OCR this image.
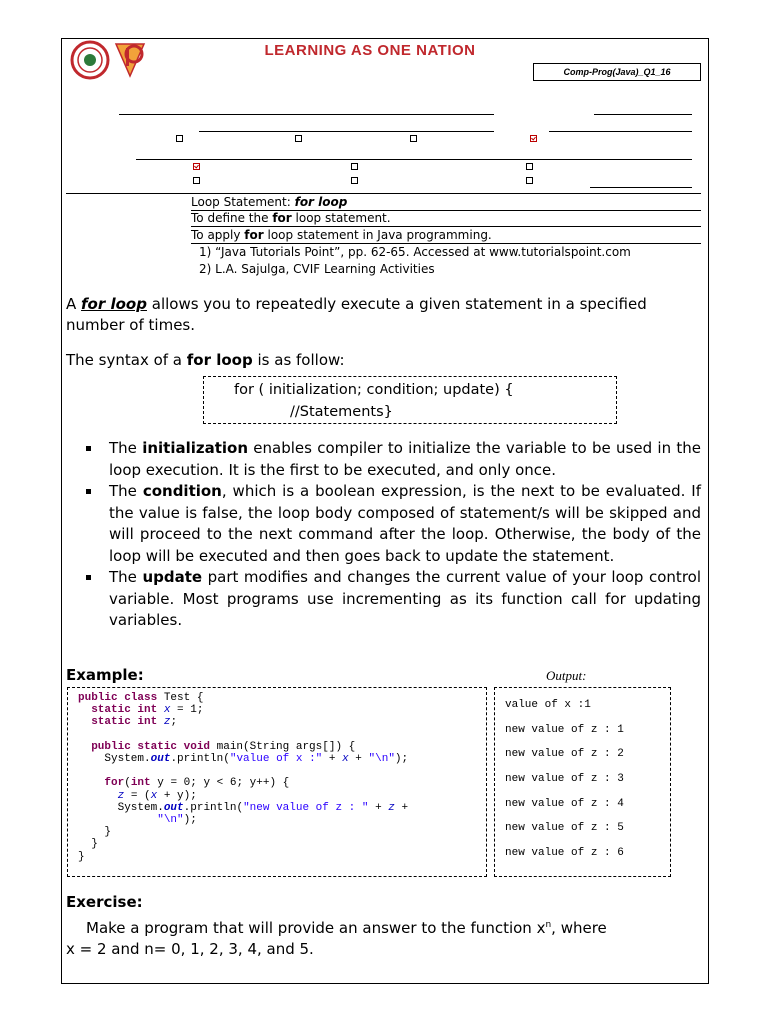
LEARNING AS ONE NATION
Comp-Prog(Java)_Q1_16
Loop Statement: for loop
To define the for loop statement.
To apply for loop statement in Java programming.
1) “Java Tutorials Point”, pp. 62-65. Accessed at www.tutorialspoint.com
2) L.A. Sajulga, CVIF Learning Activities
A for loop allows you to repeatedly execute a given statement in a specified number of times.
The syntax of a for loop is as follow:
for ( initialization; condition; update) {
//Statements}
The initialization enables compiler to initialize the variable to be used in the loop execution. It is the first to be executed, and only once.
The condition, which is a boolean expression, is the next to be evaluated. If the value is false, the loop body composed of statement/s will be skipped and will proceed to the next command after the loop. Otherwise, the body of the loop will be executed and then goes back to update the statement.
The update part modifies and changes the current value of your loop control variable. Most programs use incrementing as its function call for updating variables.
Example:	Output:
public class Test {
static int x = 1;
static int z;

public static void main(String args[]) {
System.out.println("value of x :" + x + "\n");

for(int y = 0; y < 6; y++) {
z = (x + y);
System.out.println("new value of z : " + z +
"\n");
}
}
}
value of x :1
new value of z : 1
new value of z : 2
new value of z : 3
new value of z : 4
new value of z : 5
new value of z : 6
Exercise:
Make a program that will provide an answer to the function $x^n$, where
x = 2 and n= 0, 1, 2, 3, 4, and 5.
